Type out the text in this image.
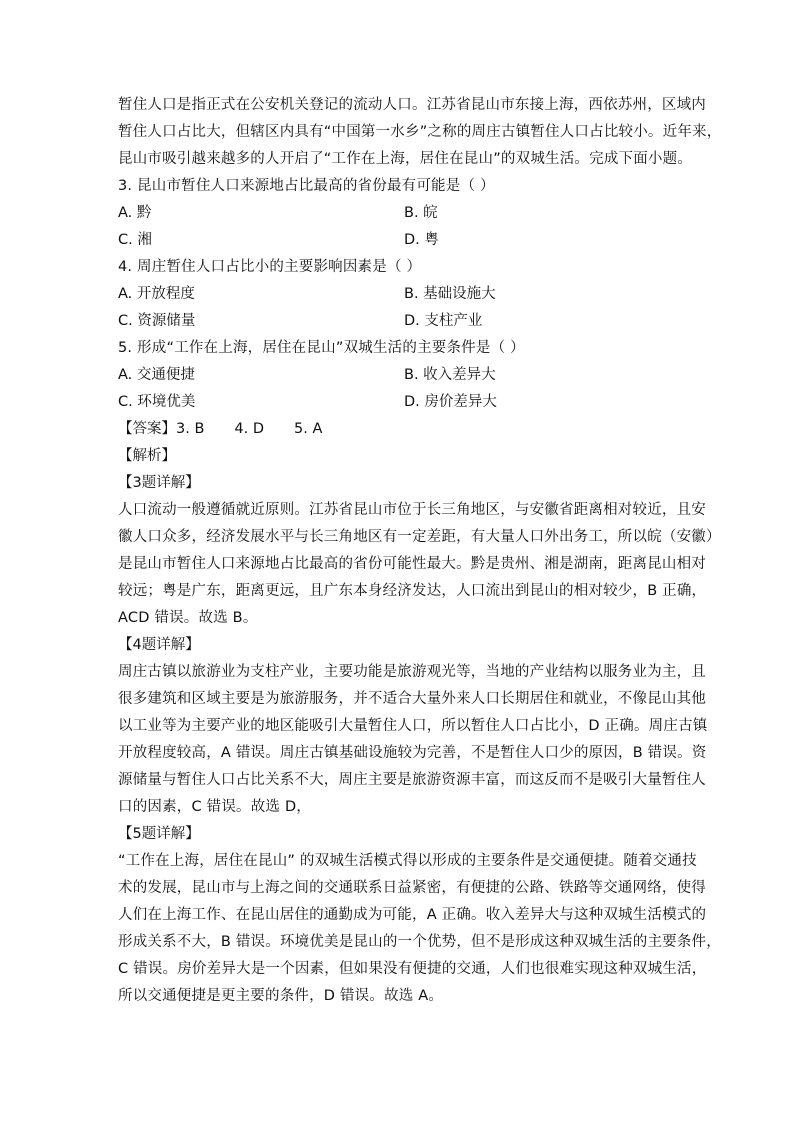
暂住人口是指正式在公安机关登记的流动人口。江苏省昆山市东接上海，西依苏州，区域内
暂住人口占比大，但辖区内具有“中国第一水乡”之称的周庄古镇暂住人口占比较小。近年来，
昆山市吸引越来越多的人开启了“工作在上海，居住在昆山”的双城生活。完成下面小题。
3. 昆山市暂住人口来源地占比最高的省份最有可能是（ ）
A. 黔	B. 皖
C. 湘	D. 粤
4. 周庄暂住人口占比小的主要影响因素是（ ）
A. 开放程度	B. 基础设施大
C. 资源储量	D. 支柱产业
5. 形成“工作在上海，居住在昆山”双城生活的主要条件是（ ）
A. 交通便捷	B. 收入差异大
C. 环境优美	D. 房价差异大
【答案】3. B 4. D 5. A
【解析】
【3题详解】
人口流动一般遵循就近原则。江苏省昆山市位于长三角地区，与安徽省距离相对较近，且安
徽人口众多，经济发展水平与长三角地区有一定差距，有大量人口外出务工，所以皖（安徽）
是昆山市暂住人口来源地占比最高的省份可能性最大。黔是贵州、湘是湖南，距离昆山相对
较远；粤是广东，距离更远，且广东本身经济发达，人口流出到昆山的相对较少，B 正确，
ACD 错误。故选 B。
【4题详解】
周庄古镇以旅游业为支柱产业，主要功能是旅游观光等，当地的产业结构以服务业为主，且
很多建筑和区域主要是为旅游服务，并不适合大量外来人口长期居住和就业，不像昆山其他
以工业等为主要产业的地区能吸引大量暂住人口，所以暂住人口占比小，D 正确。周庄古镇
开放程度较高，A 错误。周庄古镇基础设施较为完善，不是暂住人口少的原因，B 错误。资
源储量与暂住人口占比关系不大，周庄主要是旅游资源丰富，而这反而不是吸引大量暂住人
口的因素，C 错误。故选 D，
【5题详解】
“工作在上海，居住在昆山” 的双城生活模式得以形成的主要条件是交通便捷。随着交通技
术的发展，昆山市与上海之间的交通联系日益紧密，有便捷的公路、铁路等交通网络，使得
人们在上海工作、在昆山居住的通勤成为可能，A 正确。收入差异大与这种双城生活模式的
形成关系不大，B 错误。环境优美是昆山的一个优势，但不是形成这种双城生活的主要条件，
C 错误。房价差异大是一个因素，但如果没有便捷的交通，人们也很难实现这种双城生活，
所以交通便捷是更主要的条件，D 错误。故选 A。
